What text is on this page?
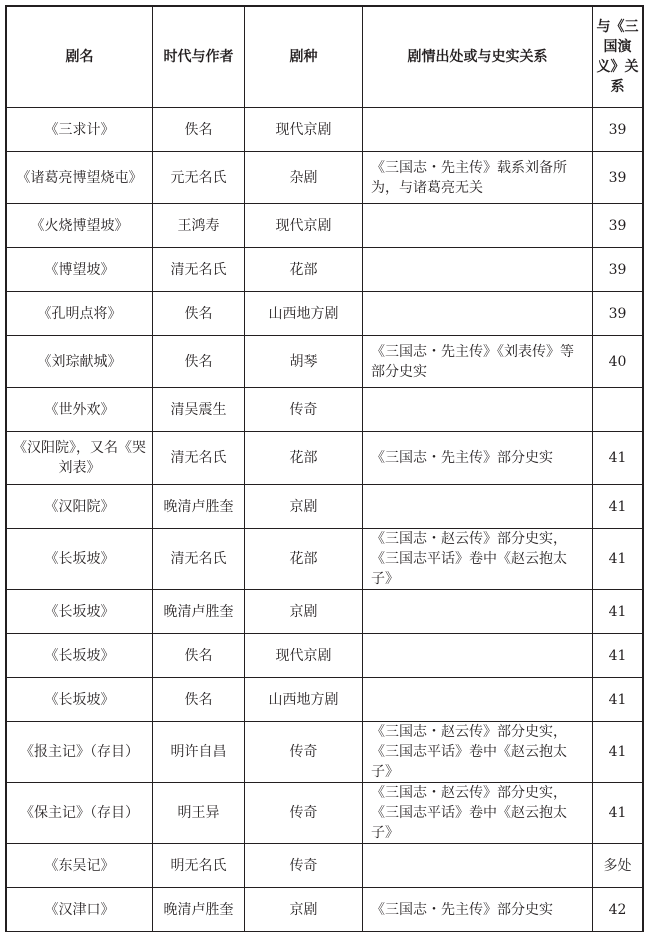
剧名	时代与作者	剧种	剧情出处或与史实关系	与《三国演义》关系
《三求计》	佚名	现代京剧		39
《诸葛亮博望烧屯》	元无名氏	杂剧	《三国志・先主传》载系刘备所为，与诸葛亮无关	39
《火烧博望坡》	王鸿寿	现代京剧		39
《博望坡》	清无名氏	花部		39
《孔明点将》	佚名	山西地方剧		39
《刘琮献城》	佚名	胡琴	《三国志・先主传》《刘表传》等部分史实	40
《世外欢》	清吴震生	传奇		
《汉阳院》，又名《哭刘表》	清无名氏	花部	《三国志・先主传》部分史实	41
《汉阳院》	晚清卢胜奎	京剧		41
《长坂坡》	清无名氏	花部	《三国志・赵云传》部分史实，《三国志平话》卷中《赵云抱太子》	41
《长坂坡》	晚清卢胜奎	京剧		41
《长坂坡》	佚名	现代京剧		41
《长坂坡》	佚名	山西地方剧		41
《报主记》（存目）	明许自昌	传奇	《三国志・赵云传》部分史实，《三国志平话》卷中《赵云抱太子》	41
《保主记》（存目）	明王异	传奇	《三国志・赵云传》部分史实，《三国志平话》卷中《赵云抱太子》	41
《东吴记》	明无名氏	传奇		多处
《汉津口》	晚清卢胜奎	京剧	《三国志・先主传》部分史实	42
